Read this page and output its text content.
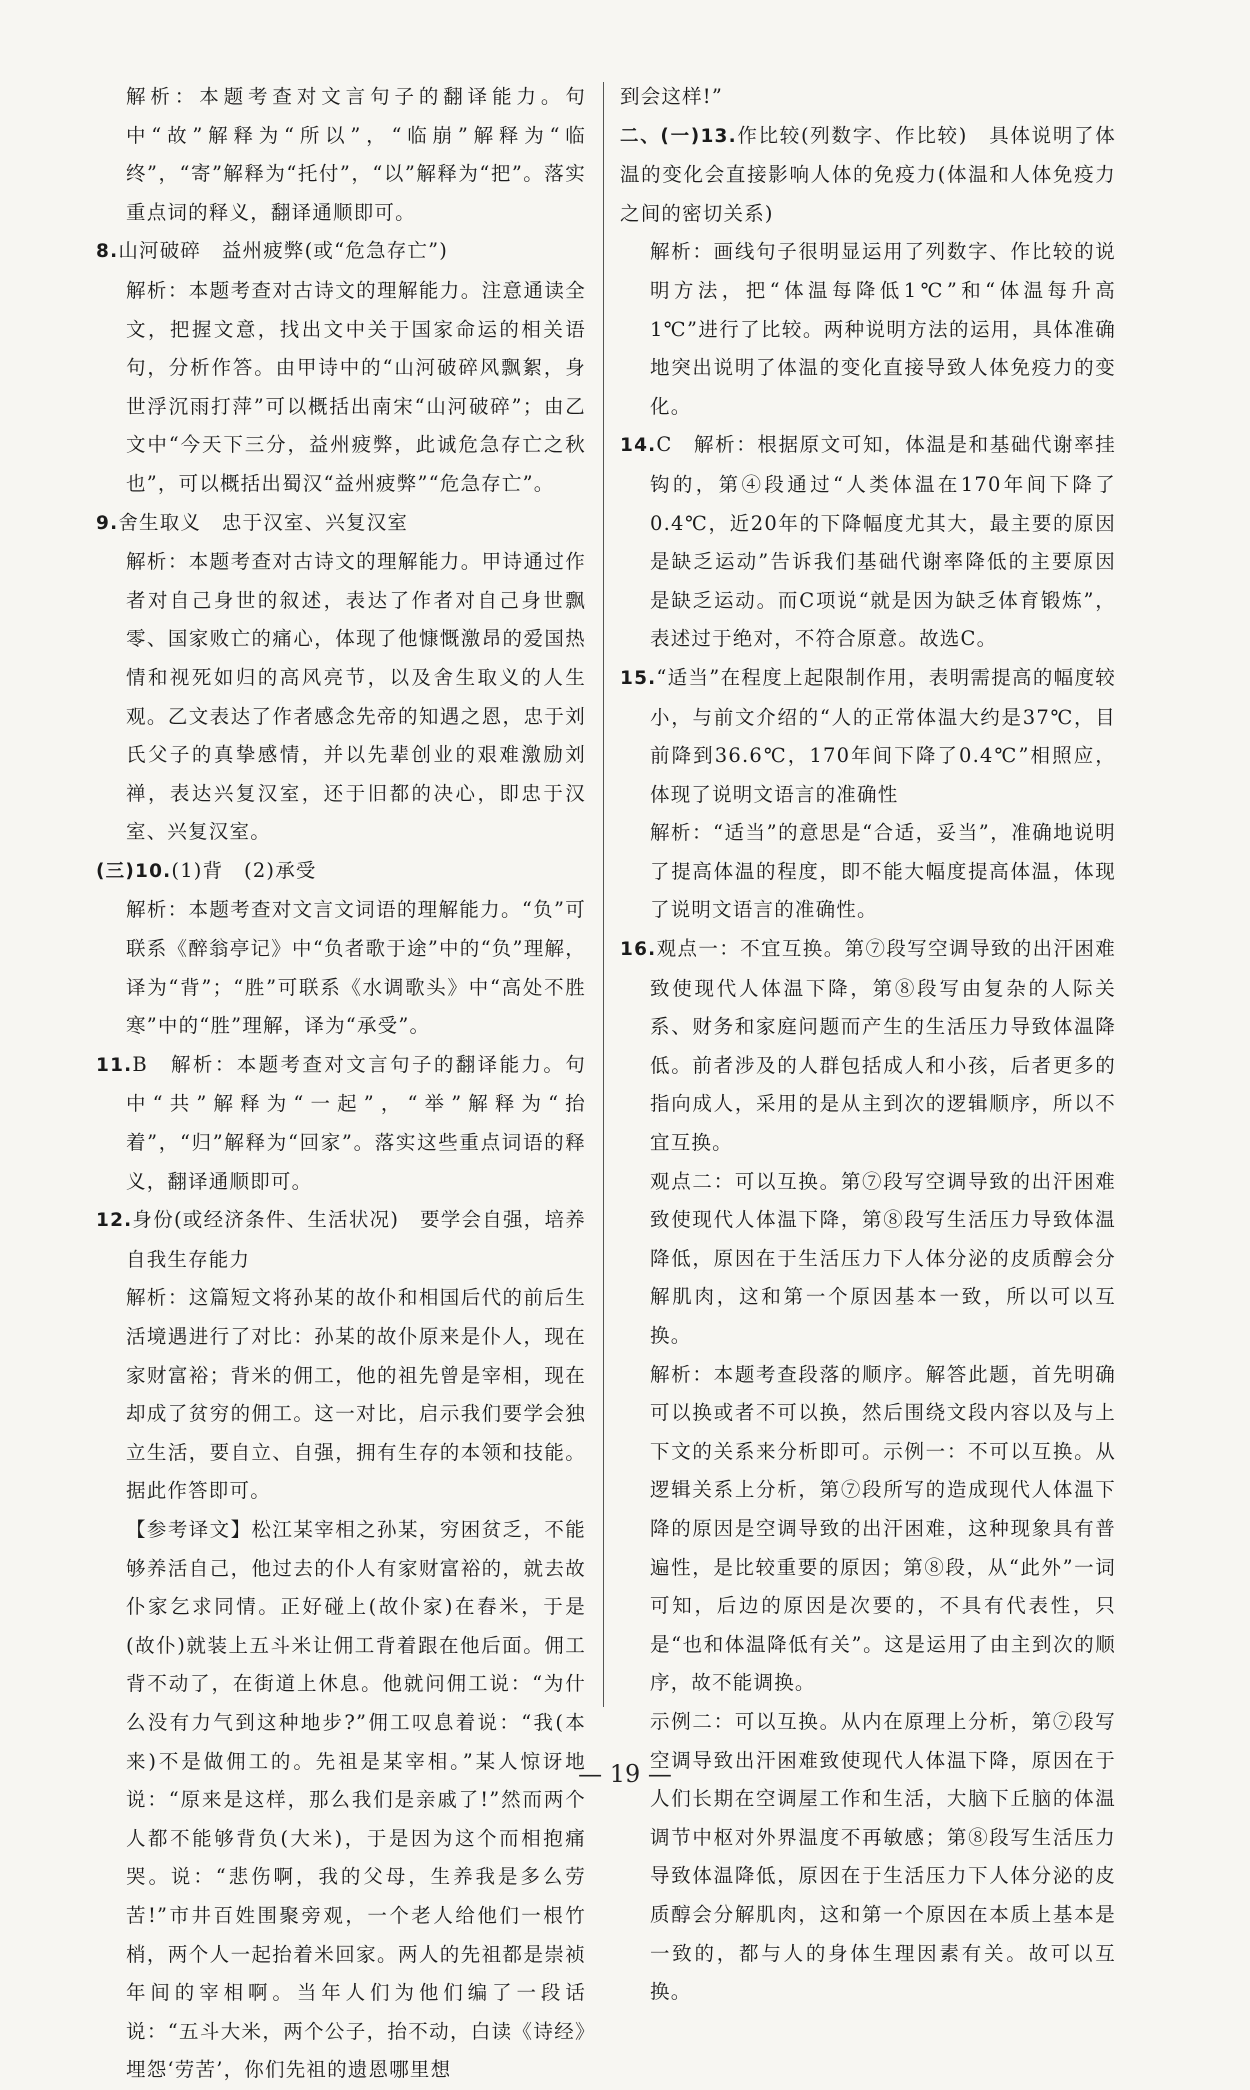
解析：本题考查对文言句子的翻译能力。句中“故”解释为“所以”，“临崩”解释为“临终”，“寄”解释为“托付”，“以”解释为“把”。落实重点词的释义，翻译通顺即可。

8.山河破碎　益州疲弊(或“危急存亡”)

解析：本题考查对古诗文的理解能力。注意通读全文，把握文意，找出文中关于国家命运的相关语句，分析作答。由甲诗中的“山河破碎风飘絮，身世浮沉雨打萍”可以概括出南宋“山河破碎”；由乙文中“今天下三分，益州疲弊，此诚危急存亡之秋也”，可以概括出蜀汉“益州疲弊”“危急存亡”。

9.舍生取义　忠于汉室、兴复汉室

解析：本题考查对古诗文的理解能力。甲诗通过作者对自己身世的叙述，表达了作者对自己身世飘零、国家败亡的痛心，体现了他慷慨激昂的爱国热情和视死如归的高风亮节，以及舍生取义的人生观。乙文表达了作者感念先帝的知遇之恩，忠于刘氏父子的真挚感情，并以先辈创业的艰难激励刘禅，表达兴复汉室，还于旧都的决心，即忠于汉室、兴复汉室。

(三)10.(1)背　(2)承受

解析：本题考查对文言文词语的理解能力。“负”可联系《醉翁亭记》中“负者歌于途”中的“负”理解，译为“背”；“胜”可联系《水调歌头》中“高处不胜寒”中的“胜”理解，译为“承受”。

11.B　解析：本题考查对文言句子的翻译能力。句中“共”解释为“一起”，“举”解释为“抬着”，“归”解释为“回家”。落实这些重点词语的释义，翻译通顺即可。

12.身份(或经济条件、生活状况)　要学会自强，培养自我生存能力

解析：这篇短文将孙某的故仆和相国后代的前后生活境遇进行了对比：孙某的故仆原来是仆人，现在家财富裕；背米的佣工，他的祖先曾是宰相，现在却成了贫穷的佣工。这一对比，启示我们要学会独立生活，要自立、自强，拥有生存的本领和技能。据此作答即可。

【参考译文】松江某宰相之孙某，穷困贫乏，不能够养活自己，他过去的仆人有家财富裕的，就去故仆家乞求同情。正好碰上(故仆家)在舂米，于是(故仆)就装上五斗米让佣工背着跟在他后面。佣工背不动了，在街道上休息。他就问佣工说：“为什么没有力气到这种地步?”佣工叹息着说：“我(本来)不是做佣工的。先祖是某宰相。”某人惊讶地说：“原来是这样，那么我们是亲戚了!”然而两个人都不能够背负(大米)，于是因为这个而相抱痛哭。说：“悲伤啊，我的父母，生养我是多么劳苦!”市井百姓围聚旁观，一个老人给他们一根竹梢，两个人一起抬着米回家。两人的先祖都是崇祯年间的宰相啊。当年人们为他们编了一段话说：“五斗大米，两个公子，抬不动，白读《诗经》埋怨‘劳苦’，你们先祖的遗恩哪里想

到会这样!”

二、(一)13.作比较(列数字、作比较)　具体说明了体温的变化会直接影响人体的免疫力(体温和人体免疫力之间的密切关系)

解析：画线句子很明显运用了列数字、作比较的说明方法，把“体温每降低1℃”和“体温每升高1℃”进行了比较。两种说明方法的运用，具体准确地突出说明了体温的变化直接导致人体免疫力的变化。

14.C　解析：根据原文可知，体温是和基础代谢率挂钩的，第④段通过“人类体温在170年间下降了0.4℃，近20年的下降幅度尤其大，最主要的原因是缺乏运动”告诉我们基础代谢率降低的主要原因是缺乏运动。而C项说“就是因为缺乏体育锻炼”，表述过于绝对，不符合原意。故选C。

15.“适当”在程度上起限制作用，表明需提高的幅度较小，与前文介绍的“人的正常体温大约是37℃，目前降到36.6℃，170年间下降了0.4℃”相照应，体现了说明文语言的准确性

解析：“适当”的意思是“合适，妥当”，准确地说明了提高体温的程度，即不能大幅度提高体温，体现了说明文语言的准确性。

16.观点一：不宜互换。第⑦段写空调导致的出汗困难致使现代人体温下降，第⑧段写由复杂的人际关系、财务和家庭问题而产生的生活压力导致体温降低。前者涉及的人群包括成人和小孩，后者更多的指向成人，采用的是从主到次的逻辑顺序，所以不宜互换。

观点二：可以互换。第⑦段写空调导致的出汗困难致使现代人体温下降，第⑧段写生活压力导致体温降低，原因在于生活压力下人体分泌的皮质醇会分解肌肉，这和第一个原因基本一致，所以可以互换。

解析：本题考查段落的顺序。解答此题，首先明确可以换或者不可以换，然后围绕文段内容以及与上下文的关系来分析即可。示例一：不可以互换。从逻辑关系上分析，第⑦段所写的造成现代人体温下降的原因是空调导致的出汗困难，这种现象具有普遍性，是比较重要的原因；第⑧段，从“此外”一词可知，后边的原因是次要的，不具有代表性，只是“也和体温降低有关”。这是运用了由主到次的顺序，故不能调换。

示例二：可以互换。从内在原理上分析，第⑦段写空调导致出汗困难致使现代人体温下降，原因在于人们长期在空调屋工作和生活，大脑下丘脑的体温调节中枢对外界温度不再敏感；第⑧段写生活压力导致体温降低，原因在于生活压力下人体分泌的皮质醇会分解肌肉，这和第一个原因在本质上基本是一致的，都与人的身体生理因素有关。故可以互换。

— 19 —
